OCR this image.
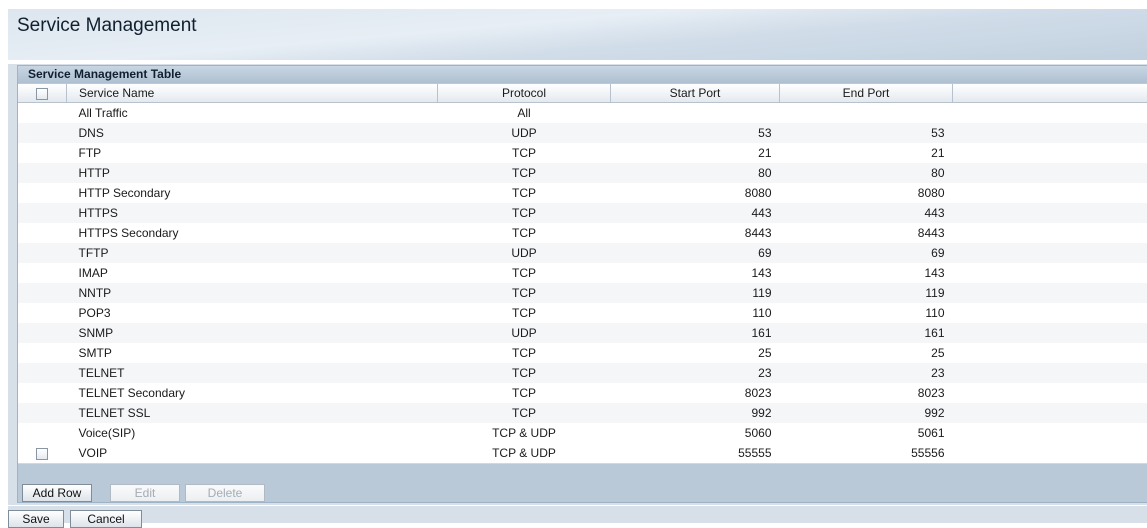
Service Management
Service Management Table
	Service Name	Protocol	Start Port	End Port	
	All Traffic	All			
	DNS	UDP	53	53	
	FTP	TCP	21	21	
	HTTP	TCP	80	80	
	HTTP Secondary	TCP	8080	8080	
	HTTPS	TCP	443	443	
	HTTPS Secondary	TCP	8443	8443	
	TFTP	UDP	69	69	
	IMAP	TCP	143	143	
	NNTP	TCP	119	119	
	POP3	TCP	110	110	
	SNMP	UDP	161	161	
	SMTP	TCP	25	25	
	TELNET	TCP	23	23	
	TELNET Secondary	TCP	8023	8023	
	TELNET SSL	TCP	992	992	
	Voice(SIP)	TCP & UDP	5060	5061	
	VOIP	TCP & UDP	55555	55556	
Add Row	Edit	Delete
Save	Cancel
